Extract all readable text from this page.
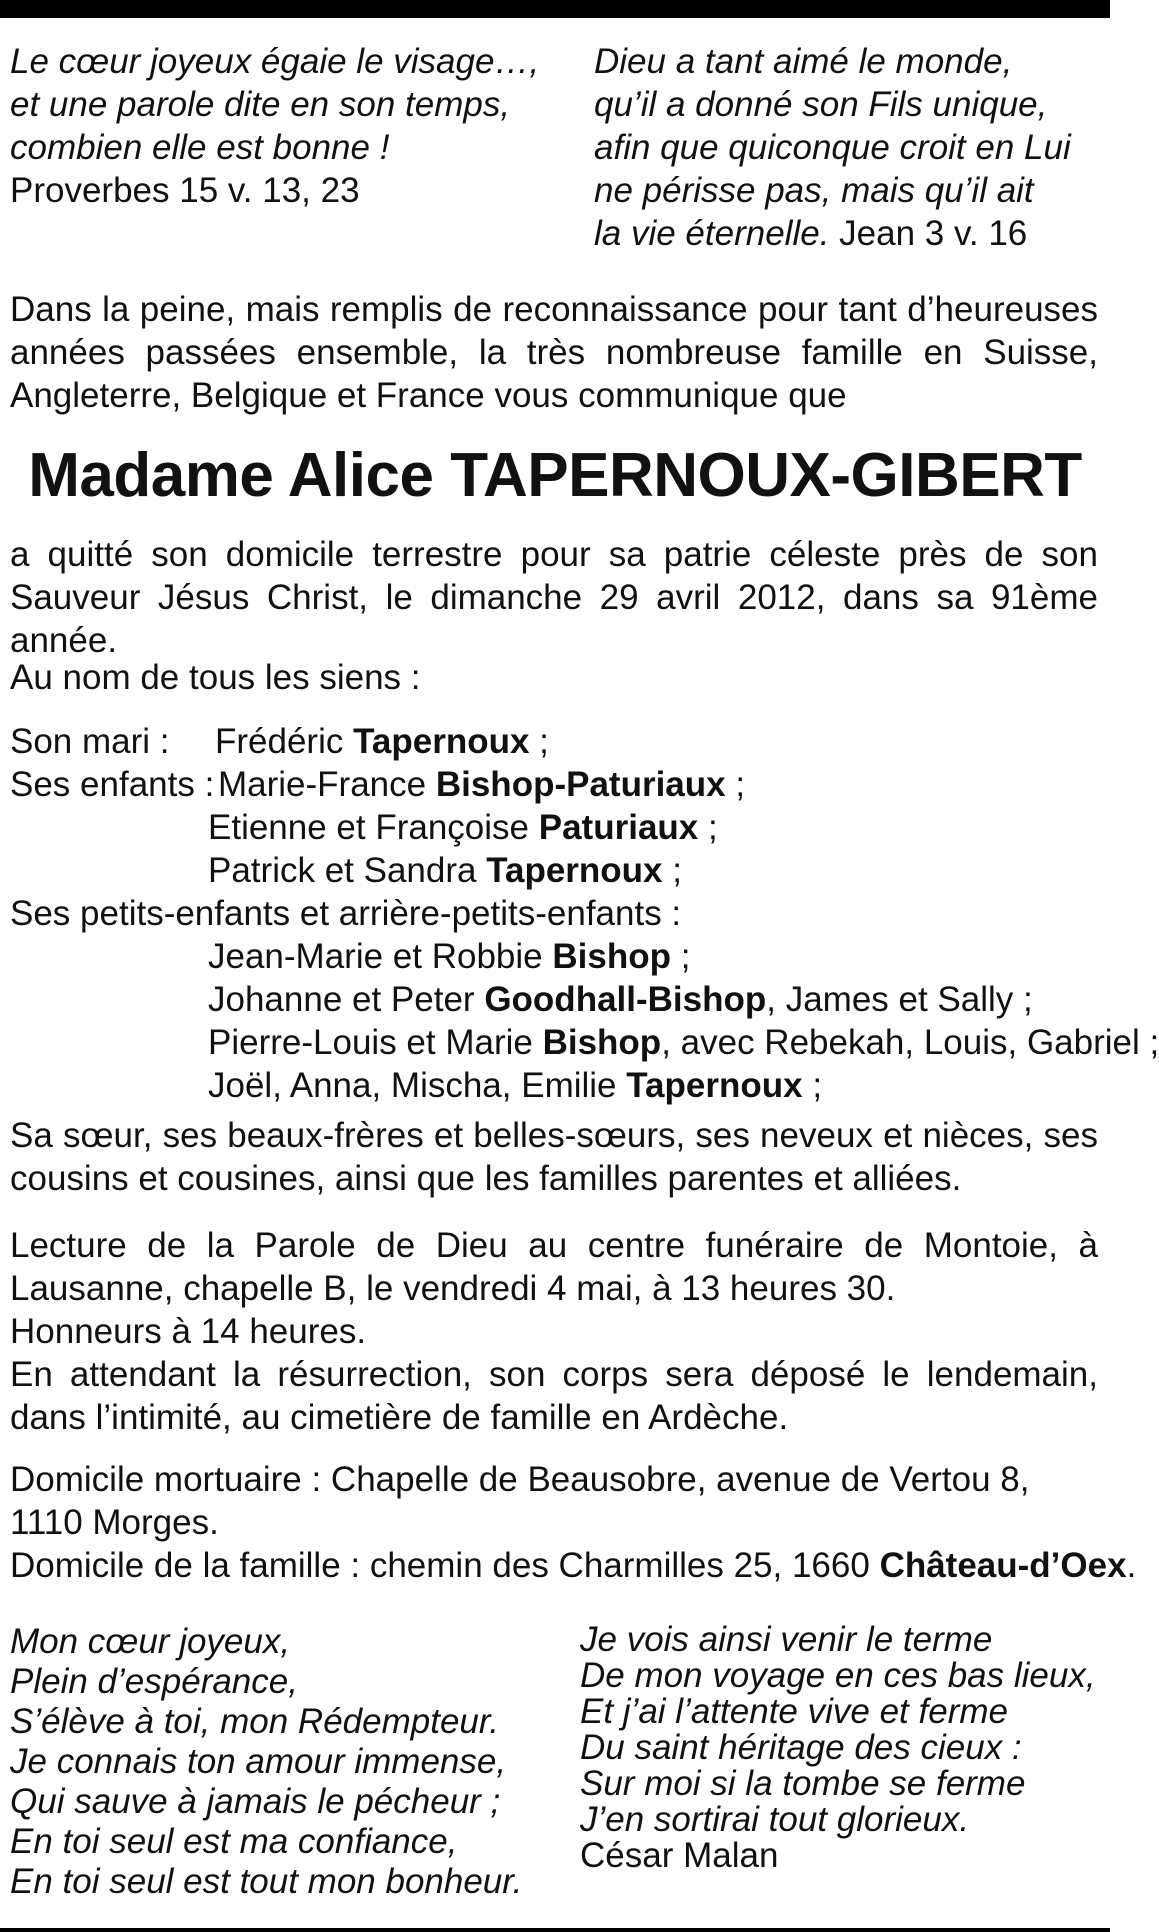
Le cœur joyeux égaie le visage…,
et une parole dite en son temps,
combien elle est bonne !
Proverbes 15 v. 13, 23
Dieu a tant aimé le monde,
qu’il a donné son Fils unique,
afin que quiconque croit en Lui
ne périsse pas, mais qu’il ait
la vie éternelle. Jean 3 v. 16
Dans la peine, mais remplis de reconnaissance pour tant d’heureuses années passées ensemble, la très nombreuse famille en Suisse, Angleterre, Belgique et France vous communique que
Madame Alice TAPERNOUX-GIBERT
a quitté son domicile terrestre pour sa patrie céleste près de son Sauveur Jésus Christ, le dimanche 29 avril 2012, dans sa 91ème année.
Au nom de tous les siens :
Son mari : Frédéric Tapernoux ;
Ses enfants : Marie-France Bishop-Paturiaux ;
Etienne et Françoise Paturiaux ;
Patrick et Sandra Tapernoux ;
Ses petits-enfants et arrière-petits-enfants :
Jean-Marie et Robbie Bishop ;
Johanne et Peter Goodhall-Bishop, James et Sally ;
Pierre-Louis et Marie Bishop, avec Rebekah, Louis, Gabriel ;
Joël, Anna, Mischa, Emilie Tapernoux ;
Sa sœur, ses beaux-frères et belles-sœurs, ses neveux et nièces, ses cousins et cousines, ainsi que les familles parentes et alliées.
Lecture de la Parole de Dieu au centre funéraire de Montoie, à Lausanne, chapelle B, le vendredi 4 mai, à 13 heures 30.
Honneurs à 14 heures.
En attendant la résurrection, son corps sera déposé le lendemain, dans l’intimité, au cimetière de famille en Ardèche.
Domicile mortuaire : Chapelle de Beausobre, avenue de Vertou 8,
1110 Morges.
Domicile de la famille : chemin des Charmilles 25, 1660 Château-d’Oex.
Mon cœur joyeux,
Plein d’espérance,
S’élève à toi, mon Rédempteur.
Je connais ton amour immense,
Qui sauve à jamais le pécheur ;
En toi seul est ma confiance,
En toi seul est tout mon bonheur.
Je vois ainsi venir le terme
De mon voyage en ces bas lieux,
Et j’ai l’attente vive et ferme
Du saint héritage des cieux :
Sur moi si la tombe se ferme
J’en sortirai tout glorieux.
César Malan
